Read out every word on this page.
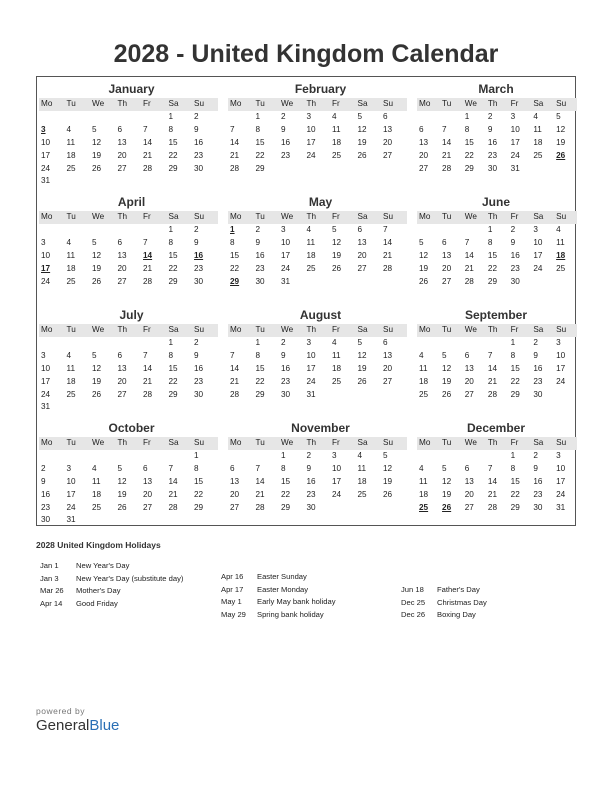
2028 - United Kingdom Calendar
January
Mo	Tu	We	Th	Fr	Sa	Su
					1	2
3	4	5	6	7	8	9
10	11	12	13	14	15	16
17	18	19	20	21	22	23
24	25	26	27	28	29	30
31						
February
Mo	Tu	We	Th	Fr	Sa	Su
	1	2	3	4	5	6
7	8	9	10	11	12	13
14	15	16	17	18	19	20
21	22	23	24	25	26	27
28	29					
March
Mo	Tu	We	Th	Fr	Sa	Su
		1	2	3	4	5
6	7	8	9	10	11	12
13	14	15	16	17	18	19
20	21	22	23	24	25	26
27	28	29	30	31		
April
Mo	Tu	We	Th	Fr	Sa	Su
					1	2
3	4	5	6	7	8	9
10	11	12	13	14	15	16
17	18	19	20	21	22	23
24	25	26	27	28	29	30
May
Mo	Tu	We	Th	Fr	Sa	Su
1	2	3	4	5	6	7
8	9	10	11	12	13	14
15	16	17	18	19	20	21
22	23	24	25	26	27	28
29	30	31				
June
Mo	Tu	We	Th	Fr	Sa	Su
			1	2	3	4
5	6	7	8	9	10	11
12	13	14	15	16	17	18
19	20	21	22	23	24	25
26	27	28	29	30		
July
Mo	Tu	We	Th	Fr	Sa	Su
					1	2
3	4	5	6	7	8	9
10	11	12	13	14	15	16
17	18	19	20	21	22	23
24	25	26	27	28	29	30
31						
August
Mo	Tu	We	Th	Fr	Sa	Su
	1	2	3	4	5	6
7	8	9	10	11	12	13
14	15	16	17	18	19	20
21	22	23	24	25	26	27
28	29	30	31			
September
Mo	Tu	We	Th	Fr	Sa	Su
				1	2	3
4	5	6	7	8	9	10
11	12	13	14	15	16	17
18	19	20	21	22	23	24
25	26	27	28	29	30	
October
Mo	Tu	We	Th	Fr	Sa	Su
						1
2	3	4	5	6	7	8
9	10	11	12	13	14	15
16	17	18	19	20	21	22
23	24	25	26	27	28	29
30	31					
November
Mo	Tu	We	Th	Fr	Sa	Su
		1	2	3	4	5
6	7	8	9	10	11	12
13	14	15	16	17	18	19
20	21	22	23	24	25	26
27	28	29	30			
December
Mo	Tu	We	Th	Fr	Sa	Su
				1	2	3
4	5	6	7	8	9	10
11	12	13	14	15	16	17
18	19	20	21	22	23	24
25	26	27	28	29	30	31
2028 United Kingdom Holidays
Jan 1 New Year's Day
Jan 3 New Year's Day (substitute day)
Mar 26 Mother's Day
Apr 14 Good Friday
Apr 16 Easter Sunday
Apr 17 Easter Monday
May 1 Early May bank holiday
May 29 Spring bank holiday
Jun 18 Father's Day
Dec 25 Christmas Day
Dec 26 Boxing Day
powered by
GeneralBlue
